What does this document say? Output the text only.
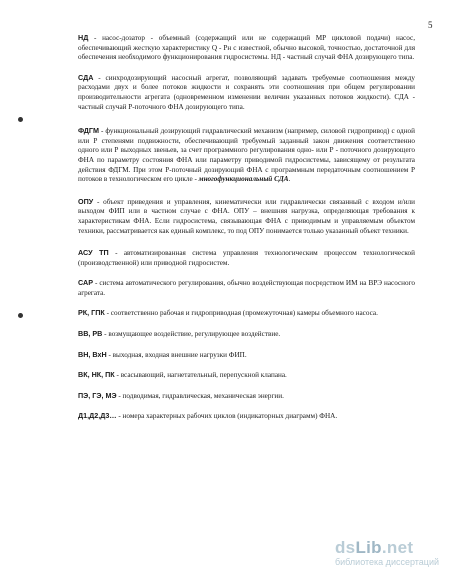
5

НД - насос-дозатор - объемный (содержащий или не содержащий МР цикловой подачи) насос, обеспечивающий жесткую характеристику Q - Рн с известной, обычно высокой, точностью, достаточной для обеспечения необходимого функционирования гидросистемы. НД - частный случай ФНА дозирующего типа.

СДА - синхродозирующий насосный агрегат, позволяющий задавать требуемые соотношения между расходами двух и более потоков жидкости и сохранять эти соотношения при общем регулировании производительности агрегата (одновременном изменении величин указанных потоков жидкости). СДА - частный случай Р-поточного ФНА дозирующего типа.

ФДГМ - функциональный дозирующий гидравлический механизм (например, силовой гидропривод) с одной или Р степенями подвижности, обеспечивающий требуемый заданный закон движения соответственно одного или Р выходных звеньев, за счет программного регулирования одно- или Р - поточного дозирующего ФНА по параметру состояния ФНА или параметру приводимой гидросистемы, зависящему от результата действия ФДГМ. При этом Р-поточный дозирующий ФНА с программным передаточным соотношением Р потоков в технологическом его цикле - многофункциональный СДА.

ОПУ - объект приведения и управления, кинематически или гидравлически связанный с входом и/или выходом ФИП или в частном случае с ФНА. ОПУ – внешняя нагрузка, определяющая требования к характеристикам ФНА. Если гидросистема, связывающая ФНА с приводимым и управляемым объектом техники, рассматривается как единый комплекс, то под ОПУ понимается только указанный объект техники.

АСУ ТП - автоматизированная система управления технологическим процессом технологической (производственной) или приводной гидросистем.

САР - система автоматического регулирования, обычно воздействующая посредством ИМ на ВРЭ насосного агрегата.

РК, ГПК - соответственно рабочая и гидроприводная (промежуточная) камеры объемного насоса.

ВВ, РВ - возмущающее воздействие, регулирующее воздействие.

ВН, ВхН - выходная, входная внешние нагрузки ФИП.

ВК, НК, ПК - всасывающий, нагнетательный, перепускной клапана.

ПЭ, ГЭ, МЭ - подводимая, гидравлическая, механическая энергии.

Д1,Д2,Д3… - номера характерных рабочих циклов (индикаторных диаграмм) ФНА.

dsLib.net
библиотека диссертаций
